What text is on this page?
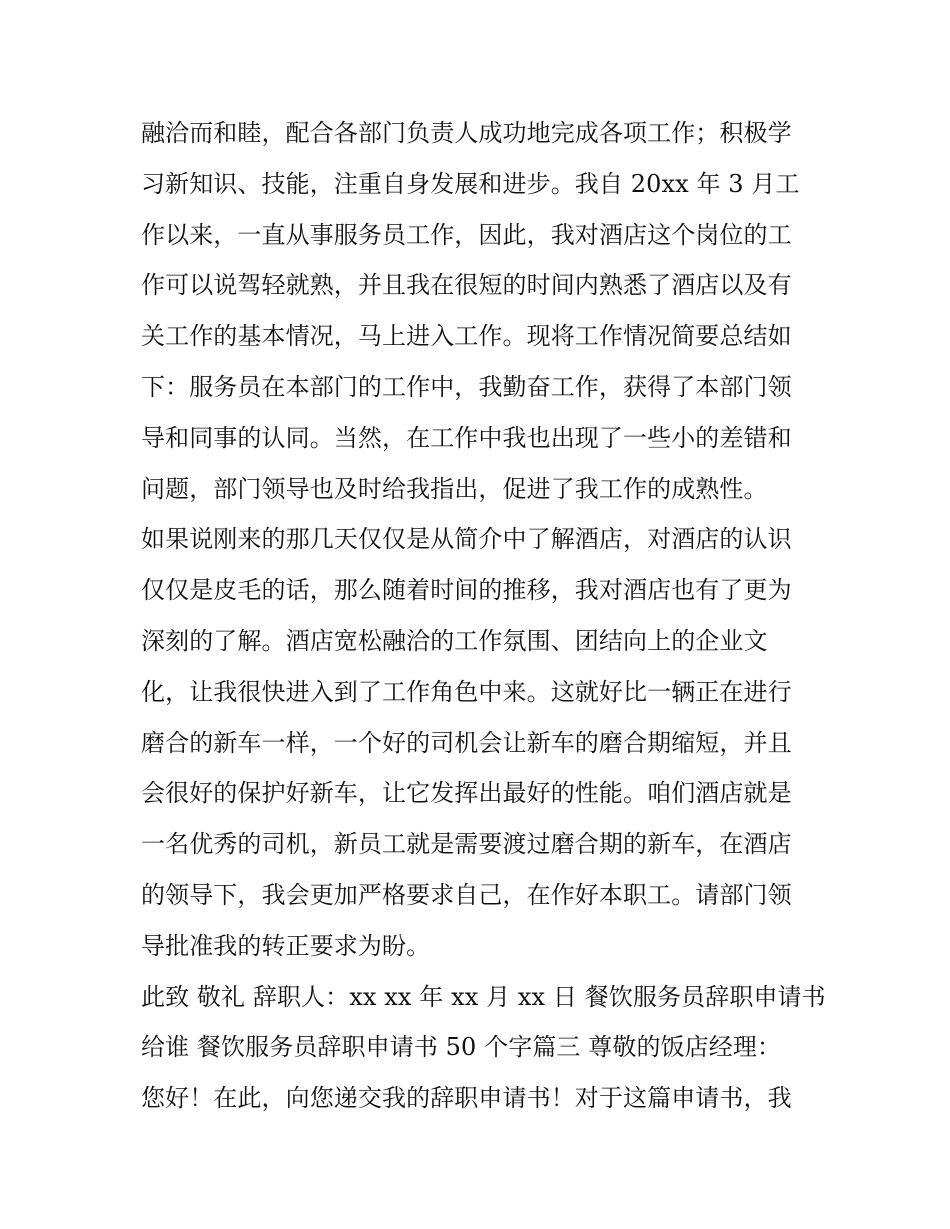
融洽而和睦，配合各部门负责人成功地完成各项工作；积极学
习新知识、技能，注重自身发展和进步。我自 20xx 年 3 月工
作以来，一直从事服务员工作，因此，我对酒店这个岗位的工
作可以说驾轻就熟，并且我在很短的时间内熟悉了酒店以及有
关工作的基本情况，马上进入工作。现将工作情况简要总结如
下：服务员在本部门的工作中，我勤奋工作，获得了本部门领
导和同事的认同。当然，在工作中我也出现了一些小的差错和
问题，部门领导也及时给我指出，促进了我工作的成熟性。
如果说刚来的那几天仅仅是从简介中了解酒店，对酒店的认识
仅仅是皮毛的话，那么随着时间的推移，我对酒店也有了更为
深刻的了解。酒店宽松融洽的工作氛围、团结向上的企业文
化，让我很快进入到了工作角色中来。这就好比一辆正在进行
磨合的新车一样，一个好的司机会让新车的磨合期缩短，并且
会很好的保护好新车，让它发挥出最好的性能。咱们酒店就是
一名优秀的司机，新员工就是需要渡过磨合期的新车，在酒店
的领导下，我会更加严格要求自己，在作好本职工。请部门领
导批准我的转正要求为盼。
此致 敬礼 辞职人：xx xx 年 xx 月 xx 日 餐饮服务员辞职申请书
给谁 餐饮服务员辞职申请书 50 个字篇三 尊敬的饭店经理：
您好！在此，向您递交我的辞职申请书！对于这篇申请书，我
